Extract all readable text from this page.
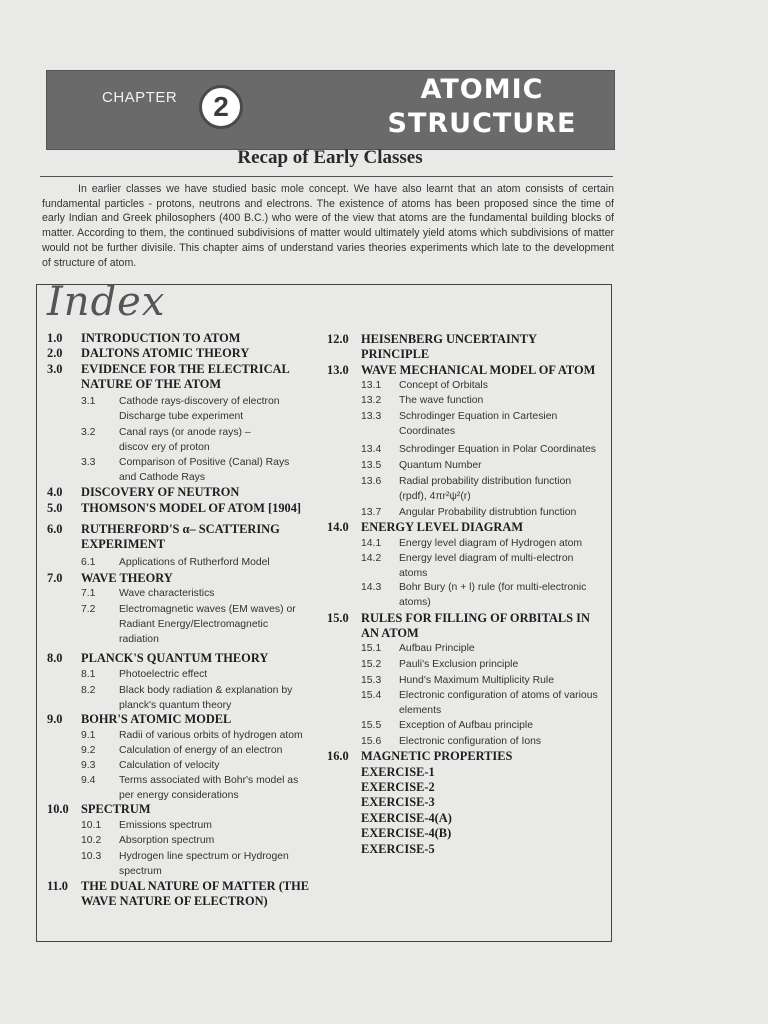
CHAPTER	2
ATOMIC
STRUCTURE
Recap of Early Classes
In earlier classes we have studied basic mole concept. We have also learnt that an atom consists of certain fundamental particles - protons, neutrons and electrons. The existence of atoms has been proposed since the time of early Indian and Greek philosophers (400 B.C.) who were of the view that atoms are the fundamental building blocks of matter. According to them, the continued subdivisions of matter would ultimately yield atoms which subdivisions of matter would not be further divisile. This chapter aims of understand varies theories experiments which late to the development of structure of atom.
Index
1.0	INTRODUCTION TO ATOM
2.0	DALTONS ATOMIC THEORY
3.0	EVIDENCE FOR THE ELECTRICAL NATURE OF THE ATOM
3.1	Cathode rays-discovery of electron Discharge tube experiment
3.2	Canal rays (or anode rays) – discov ery of proton
3.3	Comparison of Positive (Canal) Rays and Cathode Rays
4.0	DISCOVERY OF NEUTRON
5.0	THOMSON'S MODEL OF ATOM [1904]
6.0	RUTHERFORD'S α– SCATTERING EXPERIMENT
6.1	Applications of Rutherford Model
7.0	WAVE THEORY
7.1	Wave characteristics
7.2	Electromagnetic waves (EM waves) or Radiant Energy/Electromagnetic radiation
8.0	PLANCK'S QUANTUM THEORY
8.1	Photoelectric effect
8.2	Black body radiation & explanation by planck's quantum theory
9.0	BOHR'S ATOMIC MODEL
9.1	Radii of various orbits of hydrogen atom
9.2	Calculation of energy of an electron
9.3	Calculation of velocity
9.4	Terms associated with Bohr's model as per energy considerations
10.0 SPECTRUM
10.1	Emissions spectrum
10.2	Absorption spectrum
10.3	Hydrogen line spectrum or Hydrogen spectrum
11.0	THE DUAL NATURE OF MATTER (THE WAVE NATURE OF ELECTRON)
12.0 HEISENBERG UNCERTAINTY PRINCIPLE
13.0 WAVE MECHANICAL MODEL OF ATOM
13.1	Concept of Orbitals
13.2	The wave function
13.3	Schrodinger Equation in Cartesien Coordinates
13.4	Schrodinger Equation in Polar Coordinates
13.5	Quantum Number
13.6	Radial probability distribution function (rpdf), 4πr²ψ²(r)
13.7	Angular Probability distrubtion function
14.0 ENERGY LEVEL DIAGRAM
14.1	Energy level diagram of Hydrogen atom
14.2	Energy level diagram of multi-electron atoms
14.3	Bohr Bury (n + l) rule (for multi-electronic atoms)
15.0 RULES FOR FILLING OF ORBITALS IN AN ATOM
15.1	Aufbau Principle
15.2	Pauli's Exclusion principle
15.3	Hund's Maximum Multiplicity Rule
15.4	Electronic configuration of atoms of various elements
15.5	Exception of Aufbau principle
15.6	Electronic configuration of Ions
16.0 MAGNETIC PROPERTIES
EXERCISE-1
EXERCISE-2
EXERCISE-3
EXERCISE-4(A)
EXERCISE-4(B)
EXERCISE-5
